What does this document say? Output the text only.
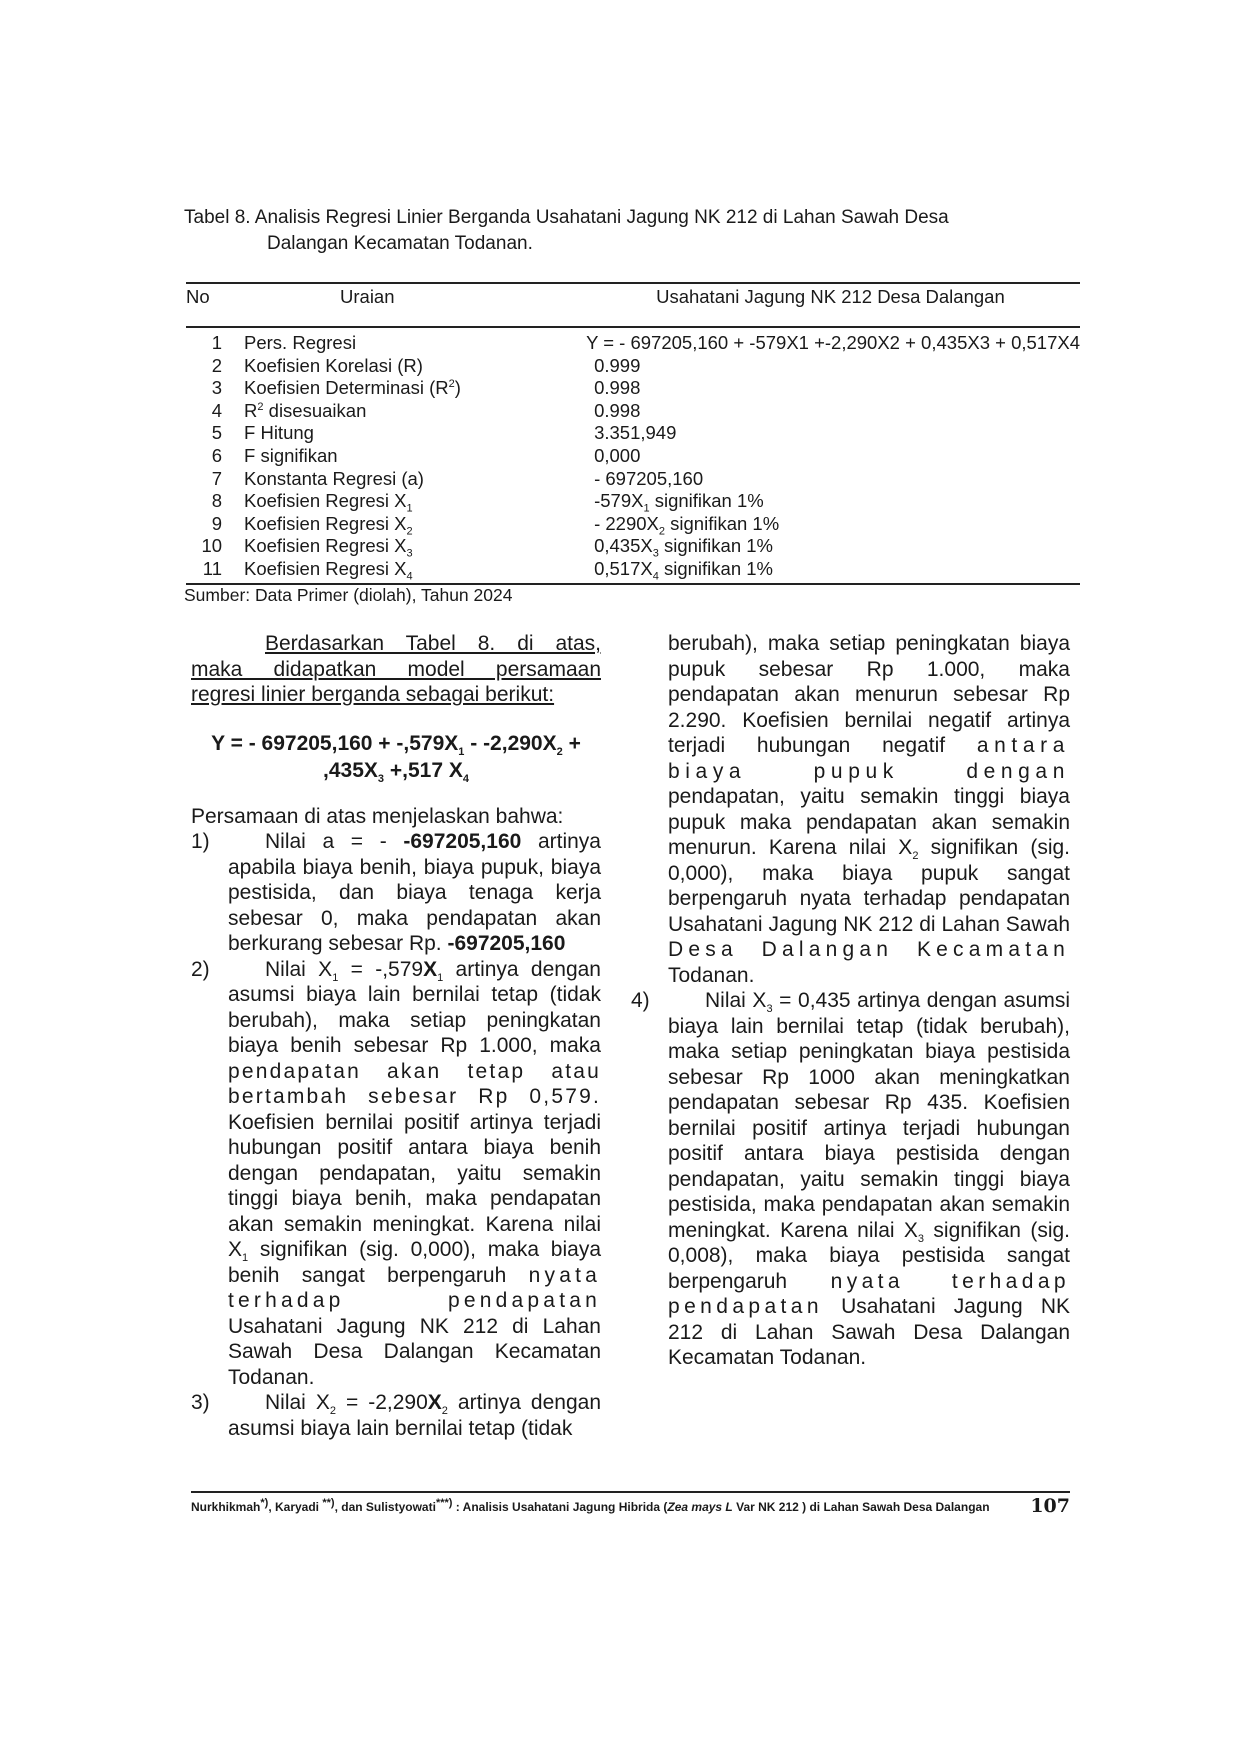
Tabel 8. Analisis Regresi Linier Berganda Usahatani Jagung NK 212 di Lahan Sawah Desa
Dalangan Kecamatan Todanan.
No	Uraian	Usahatani Jagung NK 212 Desa Dalangan
1	Pers. Regresi	Y = - 697205,160 + -579X1 +-2,290X2 + 0,435X3 + 0,517X4
2	Koefisien Korelasi (R)	0.999
3	Koefisien Determinasi $(R^2)$	0.998
4	$R^2$ disesuaikan	0.998
5	F Hitung	3.351,949
6	F signifikan	0,000
7	Konstanta Regresi (a)	- 697205,160
8	Koefisien Regresi $X_1$	$-579X_1$ signifikan 1%
9	Koefisien Regresi $X_2$	- $2290X_2$ signifikan 1%
10	Koefisien Regresi $X_3$	$0,435X_3$ signifikan 1%
11	Koefisien Regresi $X_4$	$0,517X_4$ signifikan 1%
Sumber: Data Primer (diolah), Tahun 2024
Berdasarkan Tabel 8. di atas,
maka didapatkan model persamaan
regresi linier berganda sebagai berikut:
Y = - $697205,160 + -,579X_1 - -2,290X_2$ +
$,435X_3 +,517$ $X_4$
Persamaan di atas menjelaskan bahwa:
1)	Nilai a = - -697205,160 artinya apabila biaya benih, biaya pupuk, biaya pestisida, dan biaya tenaga kerja sebesar 0, maka pendapatan akan berkurang sebesar Rp. -697205,160
2)	Nilai $X_1 = -,579X_1$ artinya dengan asumsi biaya lain bernilai tetap (tidak berubah), maka setiap peningkatan biaya benih sebesar Rp 1.000, maka pendapatan akan tetap atau bertambah sebesar Rp 0,579. Koefisien bernilai positif artinya terjadi hubungan positif antara biaya benih dengan pendapatan, yaitu semakin tinggi biaya benih, maka pendapatan akan semakin meningkat. Karena nilai $X_1$ signifikan (sig. 0,000), maka biaya benih sangat berpengaruh nyata terhadap pendapatan Usahatani Jagung NK 212 di Lahan Sawah Desa Dalangan Kecamatan Todanan.
3)	Nilai $X_2 = -2,290X_2$ artinya dengan asumsi biaya lain bernilai tetap (tidak
berubah), maka setiap peningkatan biaya pupuk sebesar Rp 1.000, maka pendapatan akan menurun sebesar Rp 2.290. Koefisien bernilai negatif artinya terjadi hubungan negatif antara biaya pupuk dengan pendapatan, yaitu semakin tinggi biaya pupuk maka pendapatan akan semakin menurun. Karena nilai $X_2$ signifikan (sig. 0,000), maka biaya pupuk sangat berpengaruh nyata terhadap pendapatan Usahatani Jagung NK 212 di Lahan Sawah Desa Dalangan Kecamatan Todanan.
4)	Nilai $X_3 = 0,435$ artinya dengan asumsi biaya lain bernilai tetap (tidak berubah), maka setiap peningkatan biaya pestisida sebesar Rp 1000 akan meningkatkan pendapatan sebesar Rp 435. Koefisien bernilai positif artinya terjadi hubungan positif antara biaya pestisida dengan pendapatan, yaitu semakin tinggi biaya pestisida, maka pendapatan akan semakin meningkat. Karena nilai $X_3$ signifikan (sig. 0,008), maka biaya pestisida sangat berpengaruh nyata terhadap pendapatan Usahatani Jagung NK 212 di Lahan Sawah Desa Dalangan Kecamatan Todanan.
Nurkhikmah*), Karyadi **), dan Sulistyowati***) : Analisis Usahatani Jagung Hibrida (Zea mays L Var NK 212 ) di Lahan Sawah Desa Dalangan 107
